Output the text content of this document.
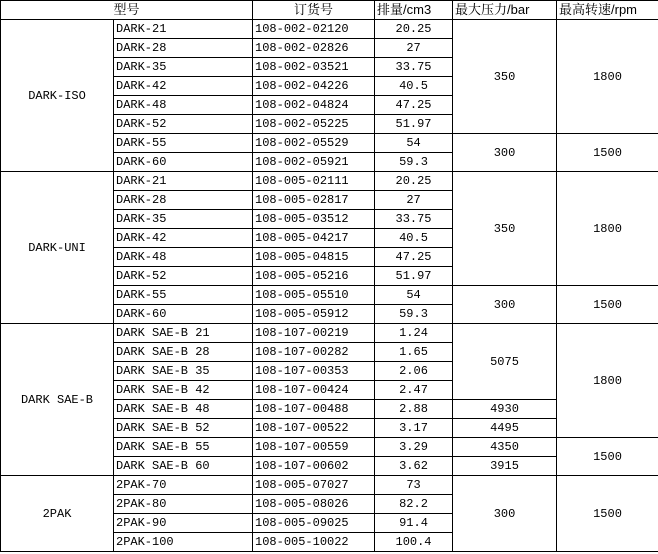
型号		订货号	排量/cm3	最大压力/bar	最高转速/rpm
DARK-ISO	DARK-21	108-002-02120	20.25	350	1800
	DARK-28	108-002-02826	27		
	DARK-35	108-002-03521	33.75		
	DARK-42	108-002-04226	40.5		
	DARK-48	108-002-04824	47.25		
	DARK-52	108-002-05225	51.97		
	DARK-55	108-002-05529	54	300	1500
	DARK-60	108-002-05921	59.3		
DARK-UNI	DARK-21	108-005-02111	20.25	350	1800
	DARK-28	108-005-02817	27		
	DARK-35	108-005-03512	33.75		
	DARK-42	108-005-04217	40.5		
	DARK-48	108-005-04815	47.25		
	DARK-52	108-005-05216	51.97		
	DARK-55	108-005-05510	54	300	1500
	DARK-60	108-005-05912	59.3		
DARK SAE-B	DARK SAE-B 21	108-107-00219	1.24	5075	1800
	DARK SAE-B 28	108-107-00282	1.65		
	DARK SAE-B 35	108-107-00353	2.06		
	DARK SAE-B 42	108-107-00424	2.47		
	DARK SAE-B 48	108-107-00488	2.88	4930	
	DARK SAE-B 52	108-107-00522	3.17	4495	
	DARK SAE-B 55	108-107-00559	3.29	4350	1500
	DARK SAE-B 60	108-107-00602	3.62	3915	
2PAK	2PAK-70	108-005-07027	73	300	1500
	2PAK-80	108-005-08026	82.2		
	2PAK-90	108-005-09025	91.4		
	2PAK-100	108-005-10022	100.4		
